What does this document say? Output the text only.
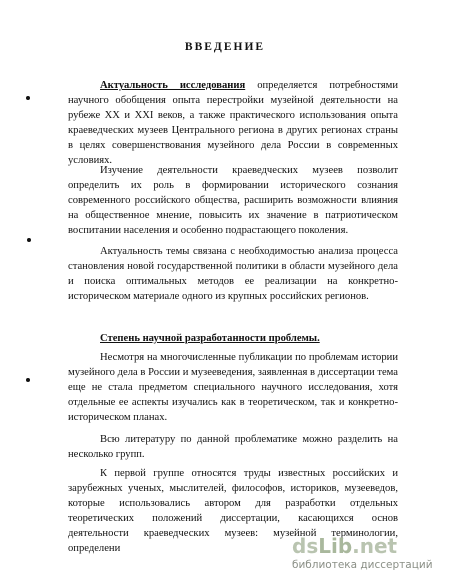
ВВЕДЕНИЕ
Актуальность исследования определяется потребностями научного обобщения опыта перестройки музейной деятельности на рубеже XX и XXI веков, а также практического использования опыта краеведческих музеев Центрального региона в других регионах страны в целях совершенствования музейного дела России в современных условиях.
Изучение деятельности краеведческих музеев позволит определить их роль в формировании исторического сознания современного российского общества, расширить возможности влияния на общественное мнение, повысить их значение в патриотическом воспитании населения и особенно подрастающего поколения.
Актуальность темы связана с необходимостью анализа процесса становления новой государственной политики в области музейного дела и поиска оптимальных методов ее реализации на конкретно-историческом материале одного из крупных российских регионов.
Степень научной разработанности проблемы.
Несмотря на многочисленные публикации по проблемам истории музейного дела в России и музееведения, заявленная в диссертации тема еще не стала предметом специального научного исследования, хотя отдельные ее аспекты изучались как в теоретическом, так и конкретно-историческом планах.
Всю литературу по данной проблематике можно разделить на несколько групп.
К первой группе относятся труды известных российских и зарубежных ученых, мыслителей, философов, историков, музееведов, которые использовались автором для разработки отдельных теоретических положений диссертации, касающихся основ деятельности краеведческих музеев: музейной терминологии, определени	dsLib.net
библиотека диссертаций
